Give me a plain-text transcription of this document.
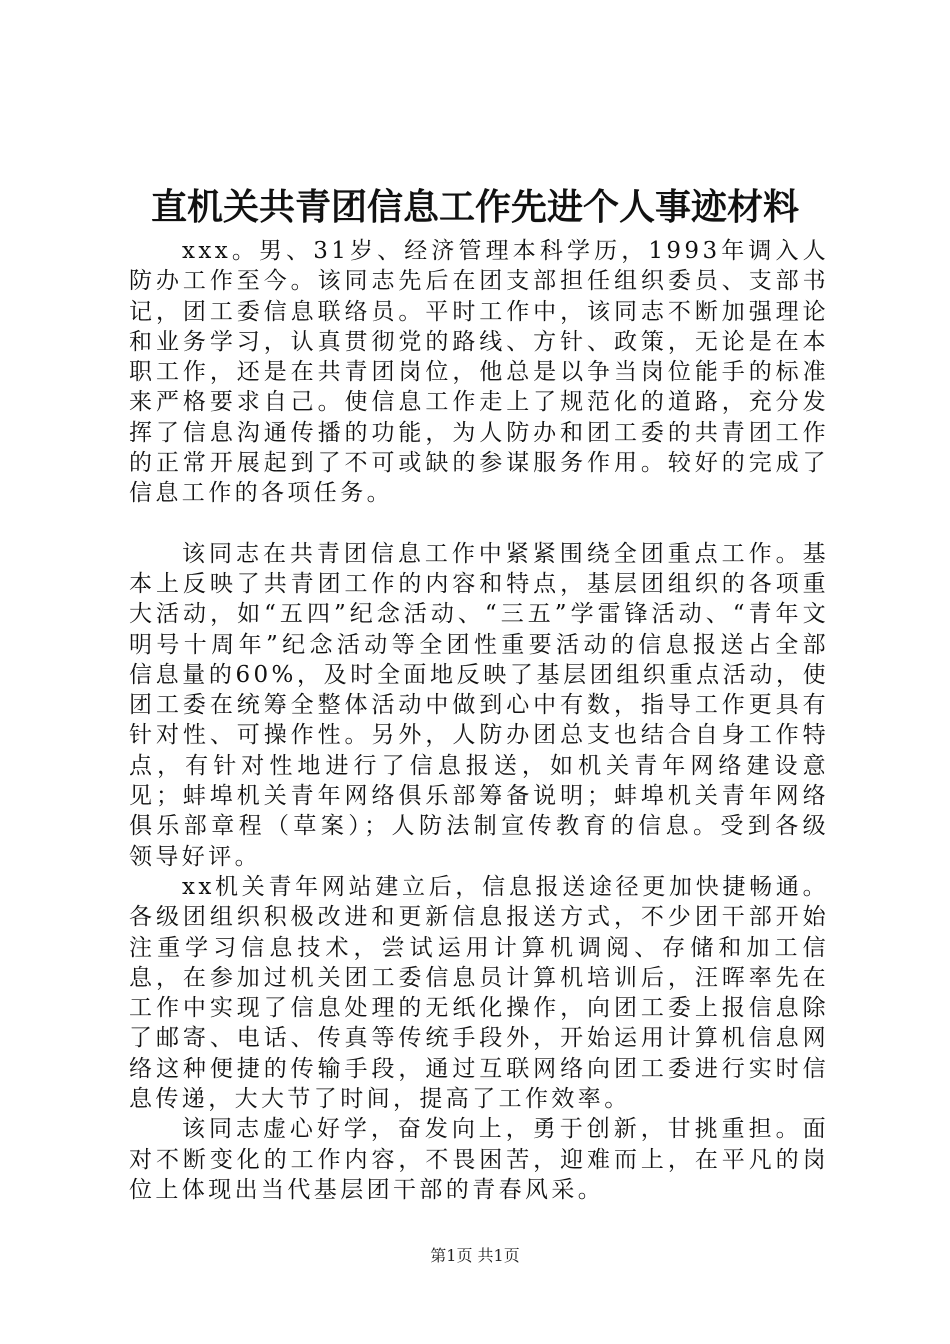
直机关共青团信息工作先进个人事迹材料

xxx。男、31岁、经济管理本科学历，1993年调入人防办工作至今。该同志先后在团支部担任组织委员、支部书记，团工委信息联络员。平时工作中，该同志不断加强理论和业务学习，认真贯彻党的路线、方针、政策，无论是在本职工作，还是在共青团岗位，他总是以争当岗位能手的标准来严格要求自己。使信息工作走上了规范化的道路，充分发挥了信息沟通传播的功能，为人防办和团工委的共青团工作的正常开展起到了不可或缺的参谋服务作用。较好的完成了信息工作的各项任务。

该同志在共青团信息工作中紧紧围绕全团重点工作。基本上反映了共青团工作的内容和特点，基层团组织的各项重大活动，如“五四”纪念活动、“三五”学雷锋活动、“青年文明号十周年”纪念活动等全团性重要活动的信息报送占全部信息量的60%，及时全面地反映了基层团组织重点活动，使团工委在统筹全整体活动中做到心中有数，指导工作更具有针对性、可操作性。另外，人防办团总支也结合自身工作特点，有针对性地进行了信息报送，如机关青年网络建设意见；蚌埠机关青年网络俱乐部筹备说明；蚌埠机关青年网络俱乐部章程（草案）；人防法制宣传教育的信息。受到各级领导好评。

xx机关青年网站建立后，信息报送途径更加快捷畅通。各级团组织积极改进和更新信息报送方式，不少团干部开始注重学习信息技术，尝试运用计算机调阅、存储和加工信息，在参加过机关团工委信息员计算机培训后，汪晖率先在工作中实现了信息处理的无纸化操作，向团工委上报信息除了邮寄、电话、传真等传统手段外，开始运用计算机信息网络这种便捷的传输手段，通过互联网络向团工委进行实时信息传递，大大节了时间，提高了工作效率。

该同志虚心好学，奋发向上，勇于创新，甘挑重担。面对不断变化的工作内容，不畏困苦，迎难而上，在平凡的岗位上体现出当代基层团干部的青春风采。

第1页 共1页
